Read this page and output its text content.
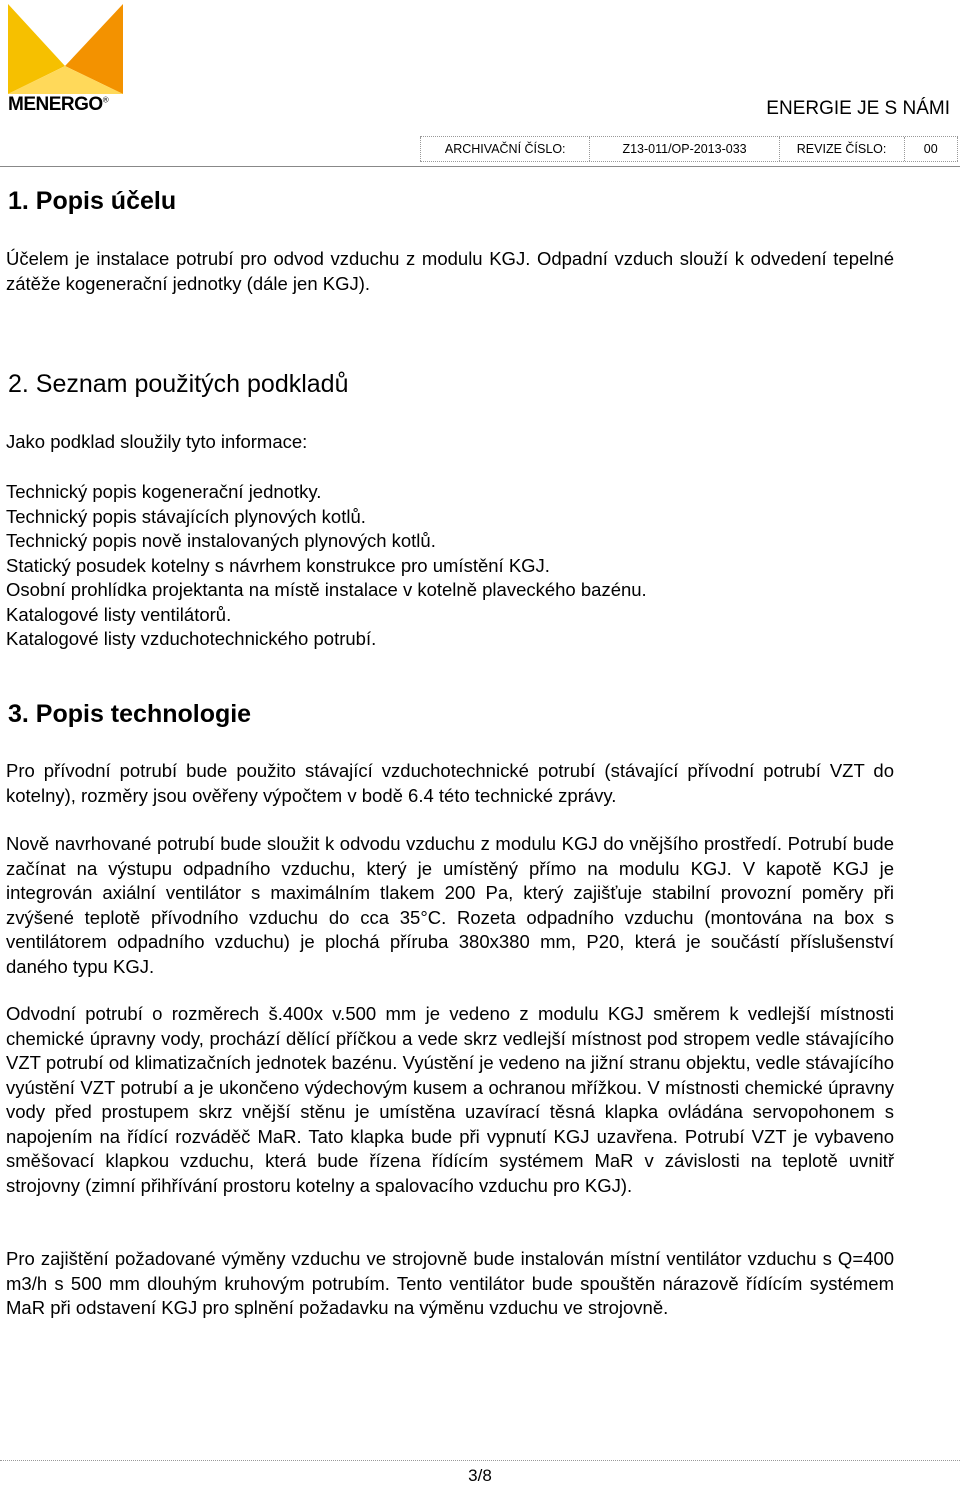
MENERGO®	ENERGIE JE S NÁMI
ARCHIVAČNÍ ČÍSLO:	Z13-011/OP-2013-033	REVIZE ČÍSLO:	00
1. Popis účelu
Účelem je instalace potrubí pro odvod vzduchu z modulu KGJ. Odpadní vzduch slouží k odvedení tepelné zátěže kogenerační jednotky (dále jen KGJ).
2. Seznam použitých podkladů
Jako podklad sloužily tyto informace:
Technický popis kogenerační jednotky.
Technický popis stávajících plynových kotlů.
Technický popis nově instalovaných plynových kotlů.
Statický posudek kotelny s návrhem konstrukce pro umístění KGJ.
Osobní prohlídka projektanta na místě instalace v kotelně plaveckého bazénu.
Katalogové listy ventilátorů.
Katalogové listy vzduchotechnického potrubí.
3. Popis technologie
Pro přívodní potrubí bude použito stávající vzduchotechnické potrubí (stávající přívodní potrubí VZT do kotelny), rozměry jsou ověřeny výpočtem v bodě 6.4 této technické zprávy.
Nově navrhované potrubí bude sloužit k odvodu vzduchu z modulu KGJ do vnějšího prostředí. Potrubí bude začínat na výstupu odpadního vzduchu, který je umístěný přímo na modulu KGJ. V kapotě KGJ je integrován axiální ventilátor s maximálním tlakem 200 Pa, který zajišťuje stabilní provozní poměry při zvýšené teplotě přívodního vzduchu do cca 35°C. Rozeta odpadního vzduchu (montována na box s ventilátorem odpadního vzduchu) je plochá příruba 380x380 mm, P20, která je součástí příslušenství daného typu KGJ.
Odvodní potrubí o rozměrech š.400x v.500 mm je vedeno z modulu KGJ směrem k vedlejší místnosti chemické úpravny vody, prochází dělící příčkou a vede skrz vedlejší místnost pod stropem vedle stávajícího VZT potrubí od klimatizačních jednotek bazénu. Vyústění je vedeno na jižní stranu objektu, vedle stávajícího vyústění VZT potrubí a je ukončeno výdechovým kusem a ochranou mřížkou. V místnosti chemické úpravny vody před prostupem skrz vnější stěnu je umístěna uzavírací těsná klapka ovládána servopohonem s napojením na řídící rozváděč MaR. Tato klapka bude při vypnutí KGJ uzavřena. Potrubí VZT je vybaveno směšovací klapkou vzduchu, která bude řízena řídícím systémem MaR v závislosti na teplotě uvnitř strojovny (zimní přihřívání prostoru kotelny a spalovacího vzduchu pro KGJ).
Pro zajištění požadované výměny vzduchu ve strojovně bude instalován místní ventilátor vzduchu s Q=400 m3/h s 500 mm dlouhým kruhovým potrubím. Tento ventilátor bude spouštěn nárazově řídícím systémem MaR při odstavení KGJ pro splnění požadavku na výměnu vzduchu ve strojovně.
3/8
